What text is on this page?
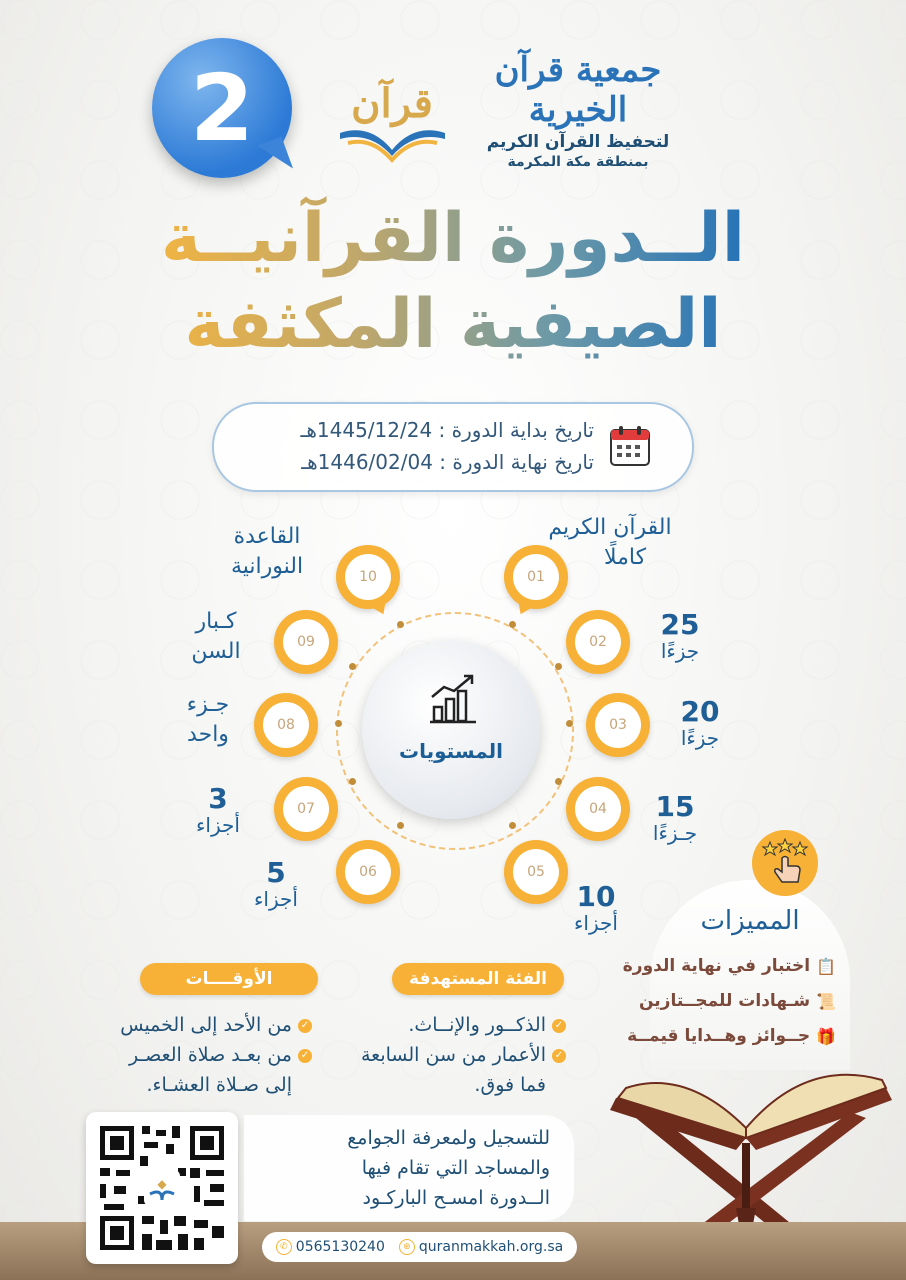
2 قرآن
جمعية قرآن الخيرية
لتحفيظ القرآن الكريم
بمنطقة مكة المكرمة
الــدورة القرآنيــة
الصيفية المكثفة
تاريخ بداية الدورة : 1445/12/24هـ
تاريخ نهاية الدورة : 1446/02/04هـ
المستويات
01
02
03
04
05
06
07
08
09
10
القرآن الكريم
كاملًا
25
جزءًا
20
جزءًا
15
جـزءًا
10
أجزاء
5
أجزاء
3
أجزاء
جـزء
واحد
كـبار
السن
القاعدة
النورانية
المميزات
📋
اختبار في نهاية الدورة
📜
شـهادات للمجــتازين
🎁
جــوائز وهــدايا قيمــة
الفئة المستهدفة
✓الذكــور والإنــاث.
✓الأعمار من سن السابعة
فما فوق.
الأوقــــات
✓من الأحد إلى الخميس
✓من بعـد صلاة العصـر
إلى صـلاة العشـاء.
للتسجيل ولمعرفة الجوامع
والمساجد التي تقام فيها
الــدورة امسـح الباركـود
◆
✆ 0565130240	⊕ quranmakkah.org.sa
